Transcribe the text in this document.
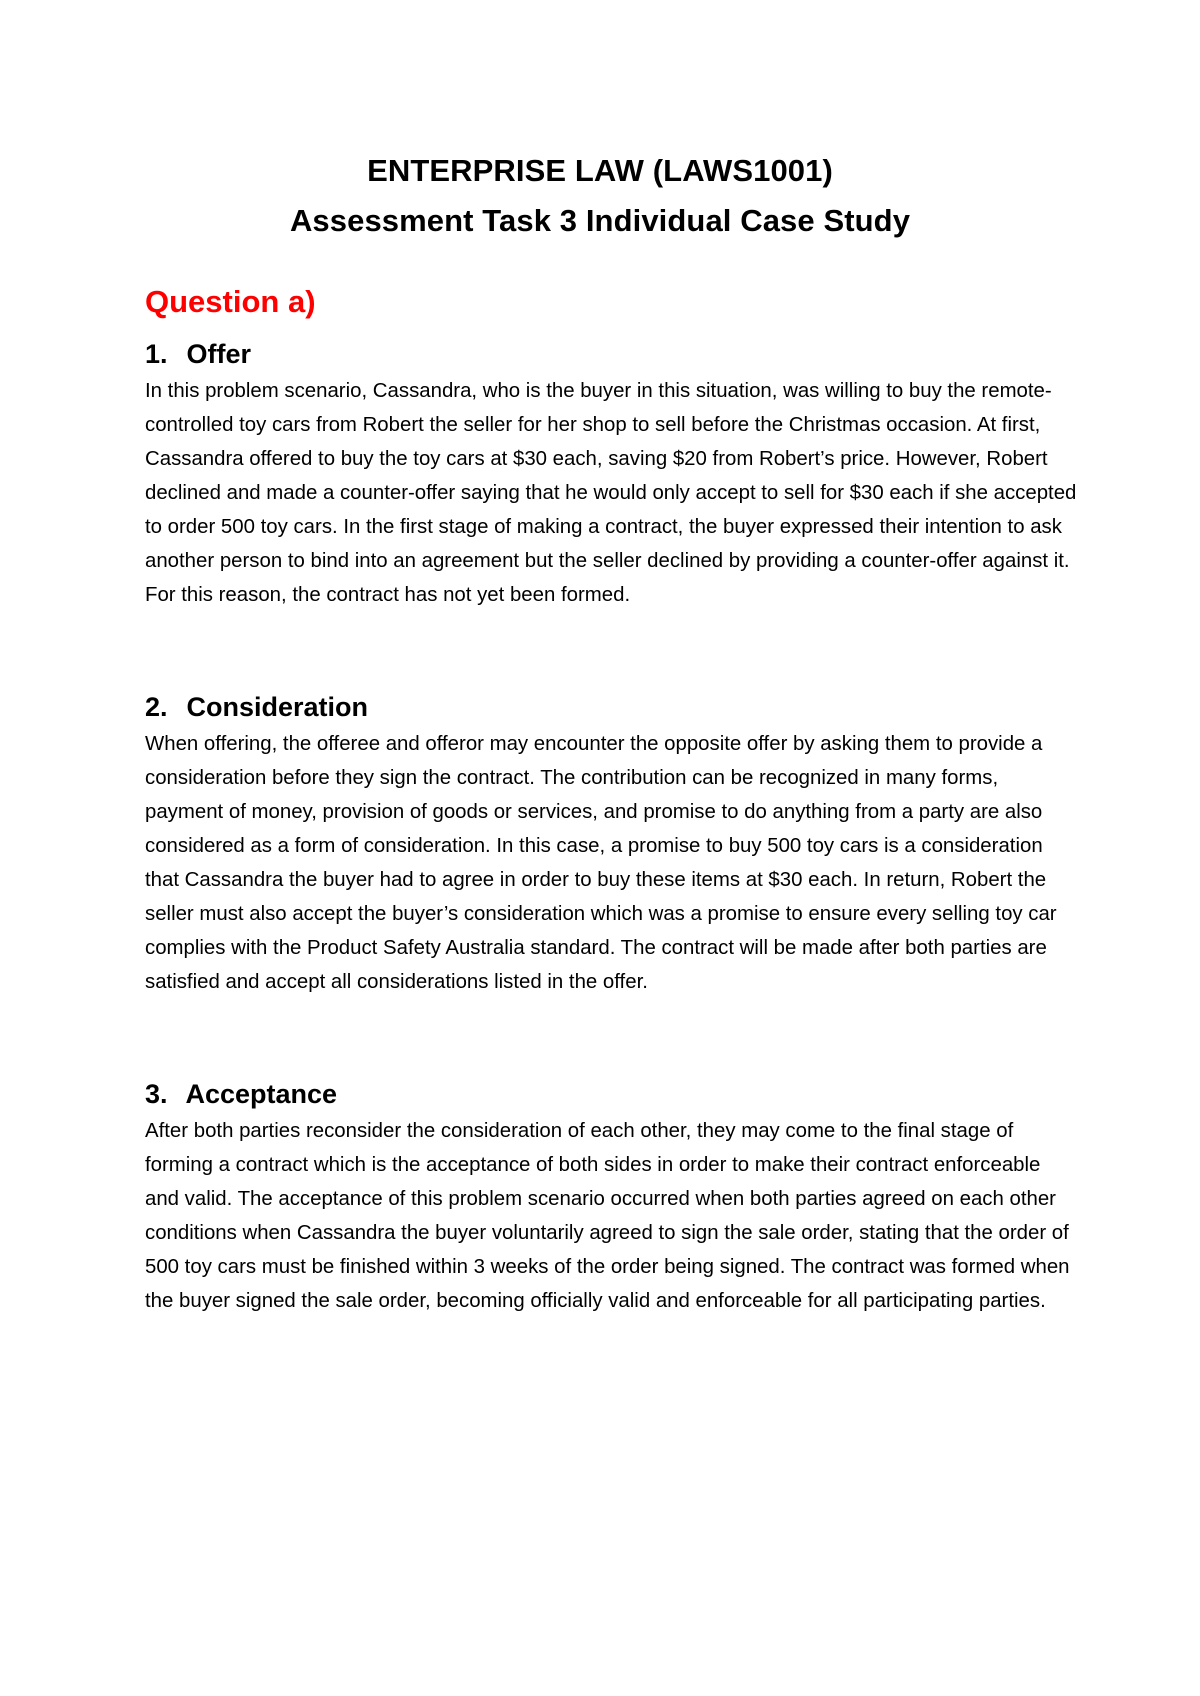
ENTERPRISE LAW (LAWS1001)
Assessment Task 3 Individual Case Study
Question a)
1. Offer

In this problem scenario, Cassandra, who is the buyer in this situation, was willing to buy the remote-controlled toy cars from Robert the seller for her shop to sell before the Christmas occasion. At first, Cassandra offered to buy the toy cars at $30 each, saving $20 from Robert’s price. However, Robert declined and made a counter-offer saying that he would only accept to sell for $30 each if she accepted to order 500 toy cars. In the first stage of making a contract, the buyer expressed their intention to ask another person to bind into an agreement but the seller declined by providing a counter-offer against it. For this reason, the contract has not yet been formed.

2. Consideration

When offering, the offeree and offeror may encounter the opposite offer by asking them to provide a consideration before they sign the contract. The contribution can be recognized in many forms, payment of money, provision of goods or services, and promise to do anything from a party are also considered as a form of consideration. In this case, a promise to buy 500 toy cars is a consideration that Cassandra the buyer had to agree in order to buy these items at $30 each. In return, Robert the seller must also accept the buyer’s consideration which was a promise to ensure every selling toy car complies with the Product Safety Australia standard. The contract will be made after both parties are satisfied and accept all considerations listed in the offer.

3. Acceptance

After both parties reconsider the consideration of each other, they may come to the final stage of forming a contract which is the acceptance of both sides in order to make their contract enforceable and valid. The acceptance of this problem scenario occurred when both parties agreed on each other conditions when Cassandra the buyer voluntarily agreed to sign the sale order, stating that the order of 500 toy cars must be finished within 3 weeks of the order being signed. The contract was formed when the buyer signed the sale order, becoming officially valid and enforceable for all participating parties.
